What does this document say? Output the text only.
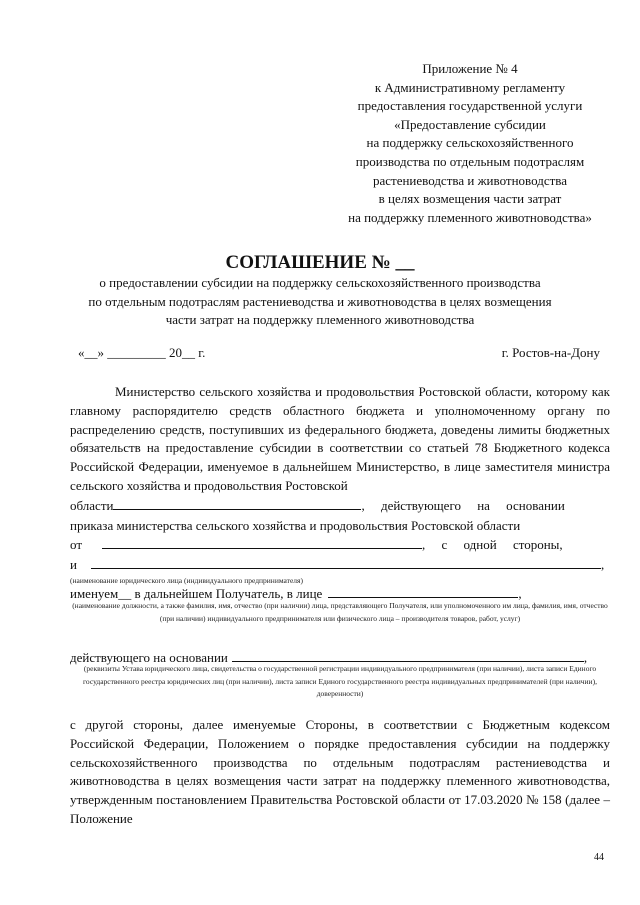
Приложение № 4
к Административному регламенту
предоставления государственной услуги
«Предоставление субсидии
на поддержку сельскохозяйственного
производства по отдельным подотраслям
растениеводства и животноводства
в целях возмещения части затрат
на поддержку племенного животноводства»
СОГЛАШЕНИЕ № __
о предоставлении субсидии на поддержку сельскохозяйственного производства
по отдельным подотраслям растениеводства и животноводства в целях возмещения
части затрат на поддержку племенного животноводства
«__» _________ 20__ г.	г. Ростов-на-Дону

Министерство сельского хозяйства и продовольствия Ростовской области, которому как главному распорядителю средств областного бюджета и уполномоченному органу по распределению средств, поступивших из федерального бюджета, доведены лимиты бюджетных обязательств на предоставление субсидии в соответствии со статьей 78 Бюджетного кодекса Российской Федерации, именуемое в дальнейшем Министерство, в лице заместителя министра сельского хозяйства и продовольствия Ростовской

области	,     действующего     на     основании
приказа министерства сельского хозяйства и продовольствия Ростовской области
от	,     с     одной     стороны,
и	,
(наименование юридического лица (индивидуального предпринимателя)
именуем__ в дальнейшем Получатель, в лице	,
(наименование должности, а также фамилия, имя, отчество (при наличии) лица, представляющего Получателя, или уполномоченного им лица, фамилия, имя, отчество (при наличии) индивидуального предпринимателя или физического лица – производителя товаров, работ, услуг)
действующего на основании	,
(реквизиты Устава юридического лица, свидетельства о государственной регистрации индивидуального предпринимателя (при наличии), листа записи Единого государственного реестра юридических лиц (при наличии), листа записи Единого государственного реестра индивидуальных предпринимателей (при наличии), доверенности)

с другой стороны, далее именуемые Стороны, в соответствии с Бюджетным кодексом Российской Федерации, Положением о порядке предоставления субсидии на поддержку сельскохозяйственного производства по отдельным подотраслям растениеводства и животноводства в целях возмещения части затрат на поддержку племенного животноводства, утвержденным постановлением Правительства Ростовской области от 17.03.2020 № 158 (далее – Положение

44
